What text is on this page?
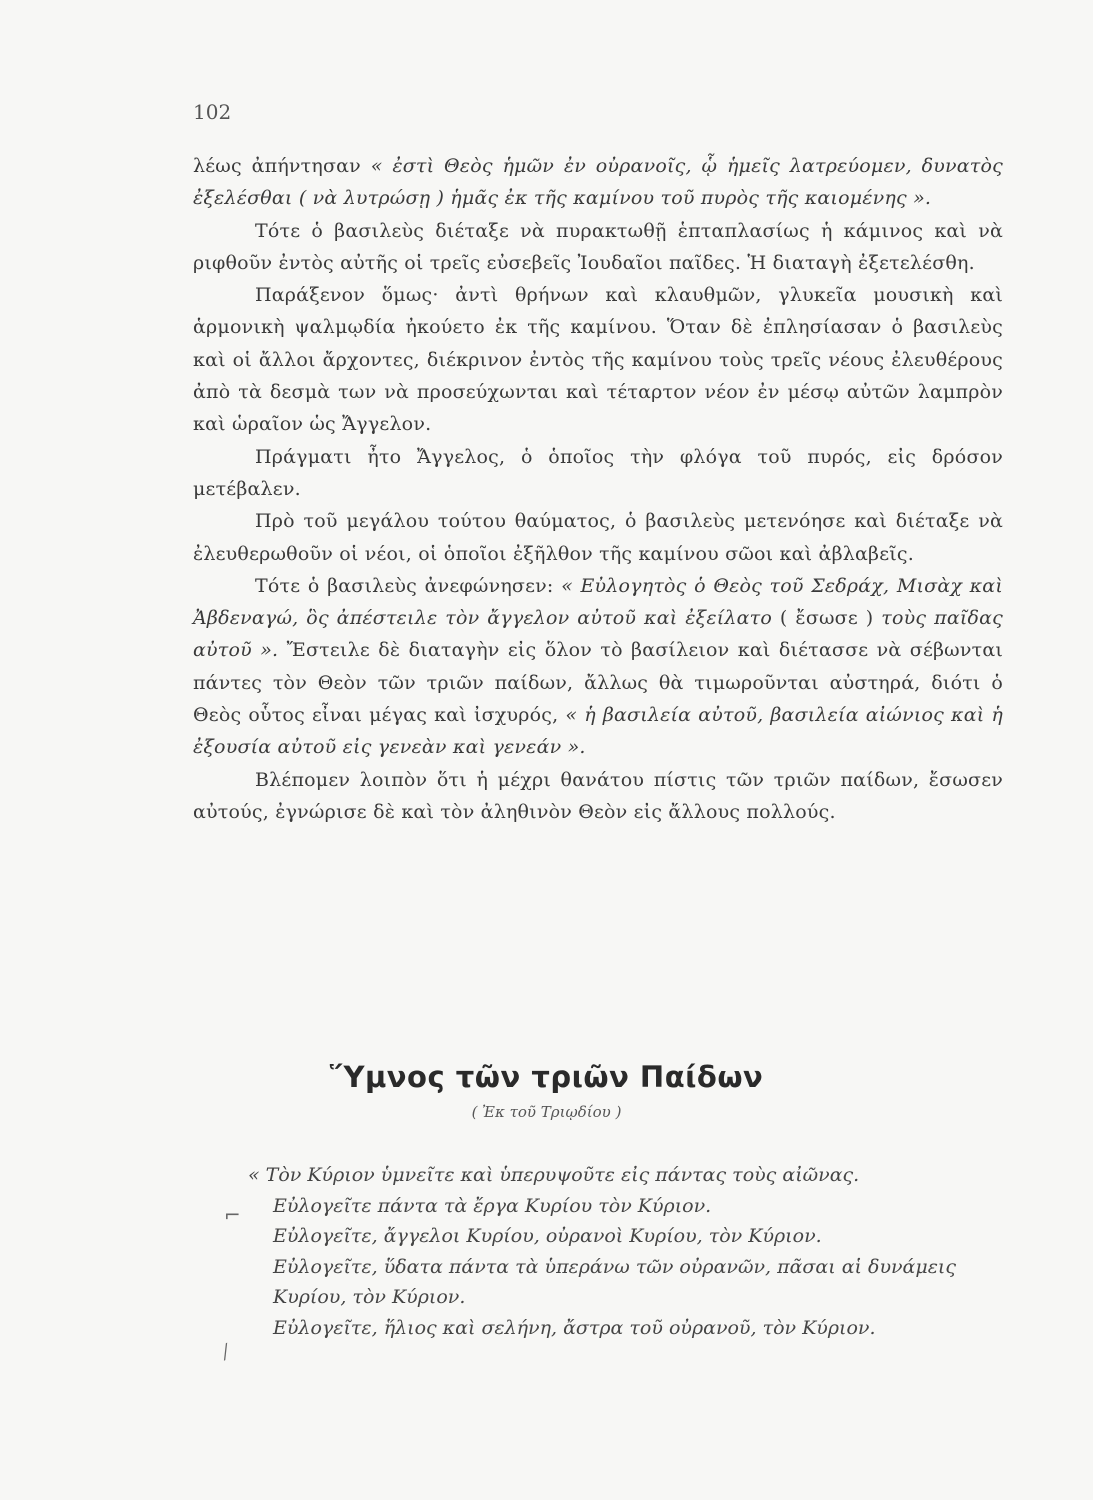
102

λέως ἀπήντησαν « ἐστὶ Θεὸς ἡμῶν ἐν οὐρανοῖς, ᾧ ἡμεῖς λατρεύομεν, δυνατὸς ἐξελέσθαι ( νὰ λυτρώσῃ ) ἡμᾶς ἐκ τῆς καμίνου τοῦ πυρὸς τῆς καιομένης ».

Τότε ὁ βασιλεὺς διέταξε νὰ πυρακτωθῇ ἑπταπλασίως ἡ κάμινος καὶ νὰ ριφθοῦν ἐντὸς αὐτῆς οἱ τρεῖς εὐσεβεῖς Ἰουδαῖοι παῖδες. Ἡ διαταγὴ ἐξετελέσθη.

Παράξενον ὅμως· ἀντὶ θρήνων καὶ κλαυθμῶν, γλυκεῖα μουσικὴ καὶ ἁρμονικὴ ψαλμῳδία ἠκούετο ἐκ τῆς καμίνου. Ὅταν δὲ ἐπλησίασαν ὁ βασιλεὺς καὶ οἱ ἄλλοι ἄρχοντες, διέκρινον ἐντὸς τῆς καμίνου τοὺς τρεῖς νέους ἐλευθέρους ἀπὸ τὰ δεσμὰ των νὰ προσεύχωνται καὶ τέταρτον νέον ἐν μέσῳ αὐτῶν λαμπρὸν καὶ ὡραῖον ὡς Ἄγγελον.

Πράγματι ἦτο Ἄγγελος, ὁ ὁποῖος τὴν φλόγα τοῦ πυρός, εἰς δρόσον μετέβαλεν.

Πρὸ τοῦ μεγάλου τούτου θαύματος, ὁ βασιλεὺς μετενόησε καὶ διέταξε νὰ ἐλευθερωθοῦν οἱ νέοι, οἱ ὁποῖοι ἐξῆλθον τῆς καμίνου σῶοι καὶ ἀβλαβεῖς.

Τότε ὁ βασιλεὺς ἀνεφώνησεν: « Εὐλογητὸς ὁ Θεὸς τοῦ Σεδράχ, Μισὰχ καὶ Ἀβδεναγώ, ὃς ἀπέστειλε τὸν ἄγγελον αὐτοῦ καὶ ἐξείλατο ( ἔσωσε ) τοὺς παῖδας αὐτοῦ ». Ἔστειλε δὲ διαταγὴν εἰς ὅλον τὸ βασίλειον καὶ διέτασσε νὰ σέβωνται πάντες τὸν Θεὸν τῶν τριῶν παίδων, ἄλλως θὰ τιμωροῦνται αὐστηρά, διότι ὁ Θεὸς οὗτος εἶναι μέγας καὶ ἰσχυρός, « ἡ βασιλεία αὐτοῦ, βασιλεία αἰώνιος καὶ ἡ ἐξουσία αὐτοῦ εἰς γενεὰν καὶ γενεάν ».

Βλέπομεν λοιπὸν ὅτι ἡ μέχρι θανάτου πίστις τῶν τριῶν παίδων, ἔσωσεν αὐτούς, ἐγνώρισε δὲ καὶ τὸν ἀληθινὸν Θεὸν εἰς ἄλλους πολλούς.

Ὕμνος τῶν τριῶν Παίδων
( Ἐκ τοῦ Τριῳδίου )
⌐
⁄

« Τὸν Κύριον ὑμνεῖτε καὶ ὑπερυψοῦτε εἰς πάντας τοὺς αἰῶνας.

Εὐλογεῖτε πάντα τὰ ἔργα Κυρίου τὸν Κύριον.

Εὐλογεῖτε, ἄγγελοι Κυρίου, οὐρανοὶ Κυρίου, τὸν Κύριον.

Εὐλογεῖτε, ὕδατα πάντα τὰ ὑπεράνω τῶν οὐρανῶν, πᾶσαι αἱ δυνάμεις Κυρίου, τὸν Κύριον.

Εὐλογεῖτε, ἥλιος καὶ σελήνη, ἄστρα τοῦ οὐρανοῦ, τὸν Κύριον.
